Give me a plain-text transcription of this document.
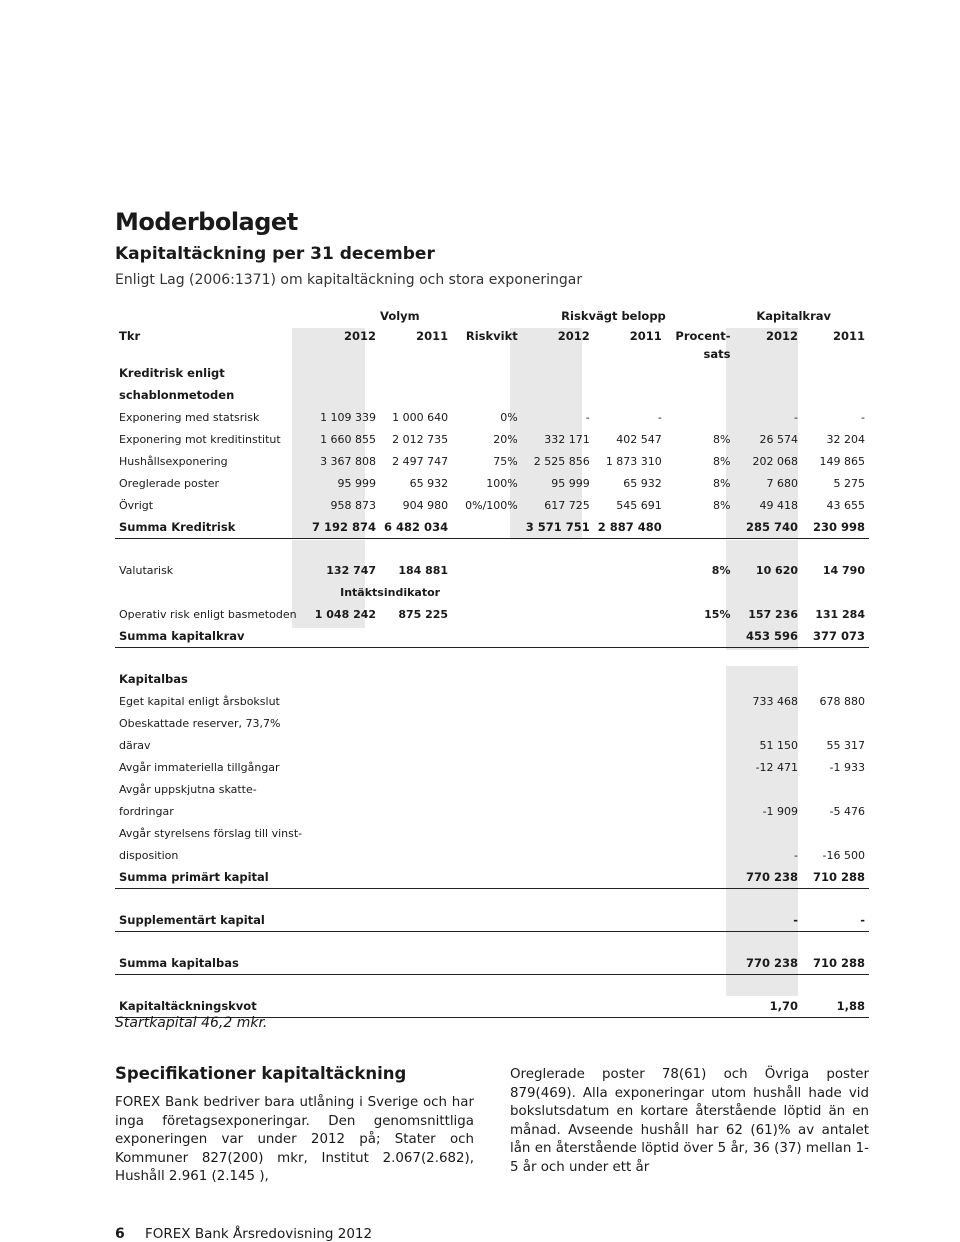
Moderbolaget
Kapitaltäckning per 31 december
Enligt Lag (2006:1371) om kapitaltäckning och stora exponeringar
		Volym		Riskvägt belopp			Kapitalkrav	
Tkr	2012	2011	Riskvikt	2012	2011	Procent-	2012	2011
						sats		
Kreditrisk enligt								
schablonmetoden								
Exponering med statsrisk	1 109 339	1 000 640	0%	-	-		-	-
Exponering mot kreditinstitut	1 660 855	2 012 735	20%	332 171	402 547	8%	26 574	32 204
Hushållsexponering	3 367 808	2 497 747	75%	2 525 856	1 873 310	8%	202 068	149 865
Oreglerade poster	95 999	65 932	100%	95 999	65 932	8%	7 680	5 275
Övrigt	958 873	904 980	0%/100%	617 725	545 691	8%	49 418	43 655
Summa Kreditrisk	7 192 874	6 482 034		3 571 751	2 887 480		285 740	230 998

Valutarisk	132 747	184 881				8%	10 620	14 790
	Intäktsindikator							
Operativ risk enligt basmetoden	1 048 242	875 225				15%	157 236	131 284
Summa kapitalkrav							453 596	377 073

Kapitalbas								
Eget kapital enligt årsbokslut							733 468	678 880
Obeskattade reserver, 73,7%								
därav							51 150	55 317
Avgår immateriella tillgångar							-12 471	-1 933
Avgår uppskjutna skatte-								
fordringar							-1 909	-5 476
Avgår styrelsens förslag till vinst-								
disposition							-	-16 500
Summa primärt kapital							770 238	710 288

Supplementärt kapital							-	-

Summa kapitalbas							770 238	710 288

Kapitaltäckningskvot							1,70	1,88
Startkapital 46,2 mkr.
Specifikationer kapitaltäckning
FOREX Bank bedriver bara utlåning i Sverige och har inga företagsexponeringar. Den genomsnittliga exponeringen var under 2012 på; Stater och Kommuner 827(200) mkr, Institut 2.067(2.682), Hushåll 2.961 (2.145 ),
Oreglerade poster 78(61) och Övriga poster 879(469). Alla exponeringar utom hushåll hade vid bokslutsdatum en kortare återstående löptid än en månad. Avseende hushåll har 62 (61)% av antalet lån en återstående löptid över 5 år, 36 (37) mellan 1-5 år och under ett år
6 FOREX Bank Årsredovisning 2012
